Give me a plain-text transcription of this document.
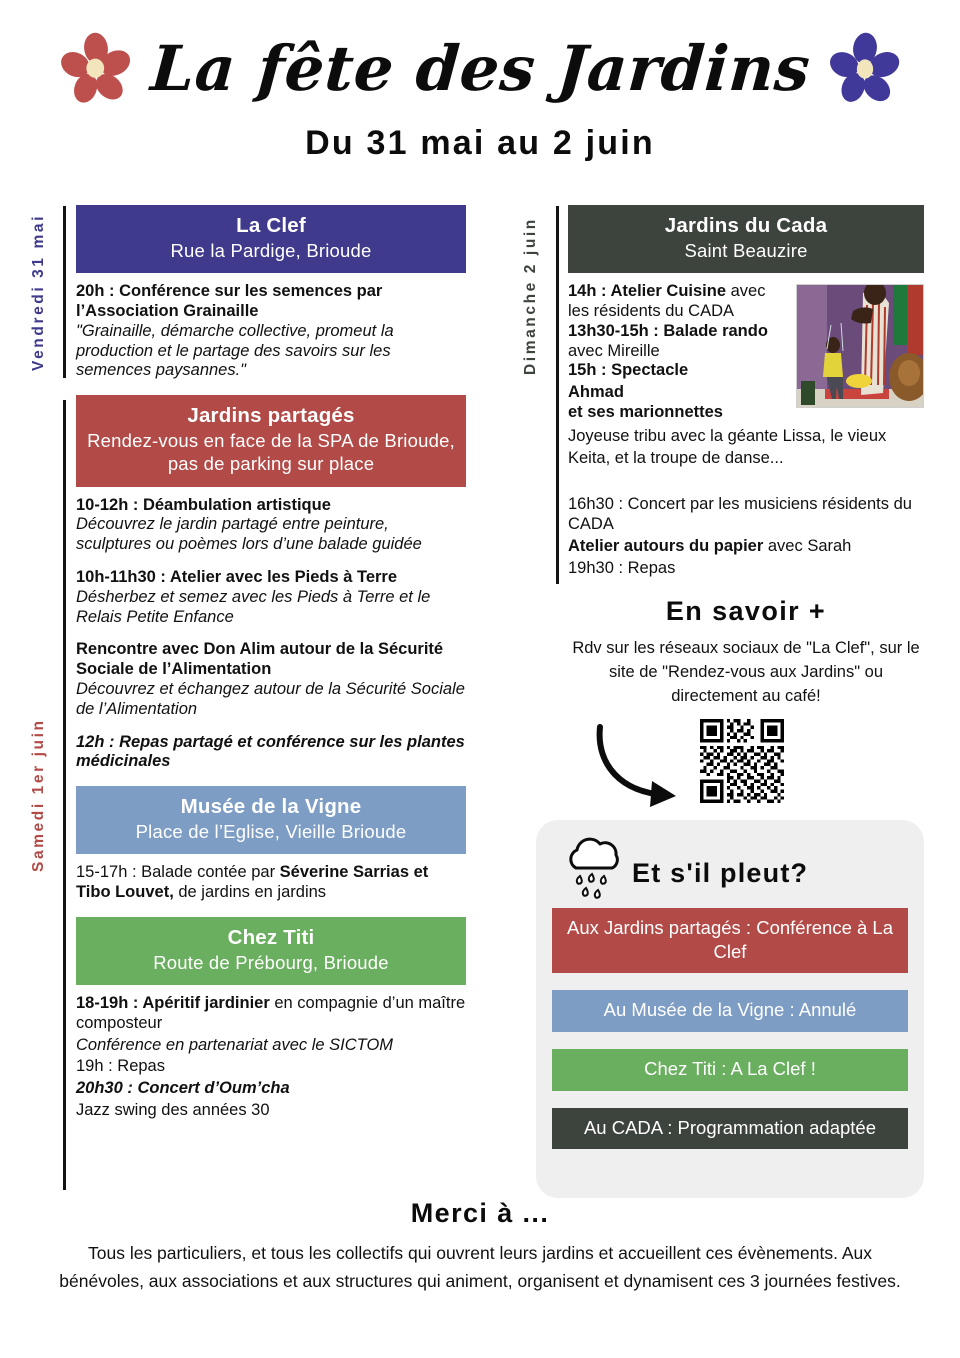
La fête des Jardins
Du 31 mai au 2 juin
Vendredi 31 mai
Samedi 1er juin
Dimanche 2 juin
La Clef
Rue la Pardige, Brioude
20h : Conférence sur les semences par l’Association Grainaille
"Grainaille, démarche collective, promeut la production et le partage des savoirs sur les semences paysannes."
Jardins partagés
Rendez-vous en face de la SPA de Brioude, pas de parking sur place
10-12h : Déambulation artistique
Découvrez le jardin partagé entre peinture, sculptures ou poèmes lors d’une balade guidée
10h-11h30 : Atelier avec les Pieds à Terre
Désherbez et semez avec les Pieds à Terre et le Relais Petite Enfance
Rencontre avec Don Alim autour de la Sécurité Sociale de l’Alimentation
Découvrez et échangez autour de la Sécurité Sociale de l’Alimentation
12h : Repas partagé et conférence sur les plantes médicinales
Musée de la Vigne
Place de l’Eglise, Vieille Brioude
15-17h : Balade contée par Séverine Sarrias et Tibo Louvet, de jardins en jardins
Chez Titi
Route de Prébourg, Brioude
18-19h : Apéritif jardinier en compagnie d’un maître composteur
Conférence en partenariat avec le SICTOM
19h : Repas
20h30 : Concert d’Oum’cha
Jazz swing des années 30
Jardins du Cada
Saint Beauzire
14h : Atelier Cuisine avec les résidents du CADA
13h30-15h : Balade rando avec Mireille
15h : Spectacle
Ahmad
et ses marionnettes
Joyeuse tribu avec la géante Lissa, le vieux Keita, et la troupe de danse...
16h30 : Concert par les musiciens résidents du CADA
Atelier autours du papier avec Sarah
19h30 : Repas
En savoir +
Rdv sur les réseaux sociaux de "La Clef", sur le site de "Rendez-vous aux Jardins" ou directement au café!
Et s'il pleut?
Aux Jardins partagés : Conférence à La Clef
Au Musée de la Vigne : Annulé
Chez Titi : A La Clef !
Au CADA : Programmation adaptée
Merci à ...
Tous les particuliers, et tous les collectifs qui ouvrent leurs jardins et accueillent ces évènements. Aux bénévoles, aux associations et aux structures qui animent, organisent et dynamisent ces 3 journées festives.
